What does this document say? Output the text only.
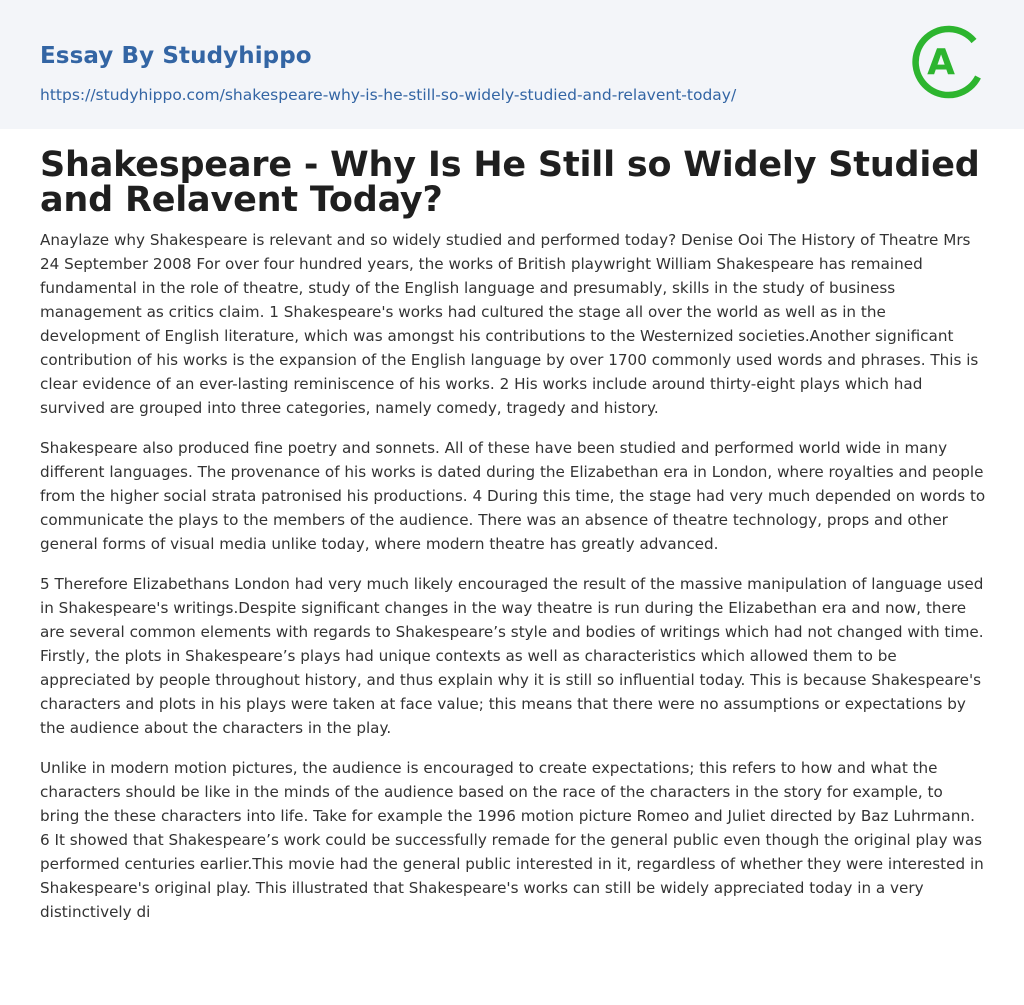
Essay By Studyhippo
https://studyhippo.com/shakespeare-why-is-he-still-so-widely-studied-and-relavent-today/
A
Shakespeare - Why Is He Still so Widely Studied and Relavent Today?

Anaylaze why Shakespeare is relevant and so widely studied and performed today? Denise Ooi The History of Theatre Mrs 24 September 2008 For over four hundred years, the works of British playwright William Shakespeare has remained fundamental in the role of theatre, study of the English language and presumably, skills in the study of business management as critics claim. 1 Shakespeare's works had cultured the stage all over the world as well as in the development of English literature, which was amongst his contributions to the Westernized societies.Another significant contribution of his works is the expansion of the English language by over 1700 commonly used words and phrases. This is clear evidence of an ever-lasting reminiscence of his works. 2 His works include around thirty-eight plays which had survived are grouped into three categories, namely comedy, tragedy and history.

Shakespeare also produced fine poetry and sonnets. All of these have been studied and performed world wide in many different languages. The provenance of his works is dated during the Elizabethan era in London, where royalties and people from the higher social strata patronised his productions. 4 During this time, the stage had very much depended on words to communicate the plays to the members of the audience. There was an absence of theatre technology, props and other general forms of visual media unlike today, where modern theatre has greatly advanced.

5 Therefore Elizabethans London had very much likely encouraged the result of the massive manipulation of language used in Shakespeare's writings.Despite significant changes in the way theatre is run during the Elizabethan era and now, there are several common elements with regards to Shakespeare’s style and bodies of writings which had not changed with time. Firstly, the plots in Shakespeare’s plays had unique contexts as well as characteristics which allowed them to be appreciated by people throughout history, and thus explain why it is still so influential today. This is because Shakespeare's characters and plots in his plays were taken at face value; this means that there were no assumptions or expectations by the audience about the characters in the play.

Unlike in modern motion pictures, the audience is encouraged to create expectations; this refers to how and what the characters should be like in the minds of the audience based on the race of the characters in the story for example, to bring the these characters into life. Take for example the 1996 motion picture Romeo and Juliet directed by Baz Luhrmann. 6 It showed that Shakespeare’s work could be successfully remade for the general public even though the original play was performed centuries earlier.This movie had the general public interested in it, regardless of whether they were interested in Shakespeare's original play. This illustrated that Shakespeare's works can still be widely appreciated today in a very distinctively di
